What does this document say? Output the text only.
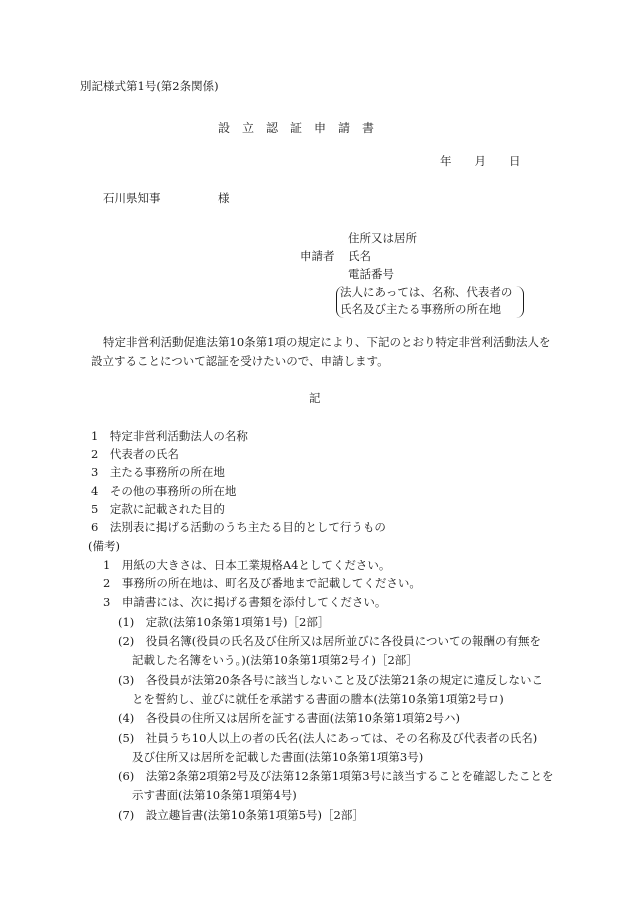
別記様式第1号(第2条関係)
設　立　認　証　申　請　書
年　　月　　日
石川県知事　　　　　様
住所又は居所
申請者 氏名
電話番号
法人にあっては、名称、代表者の
氏名及び主たる事務所の所在地
特定非営利活動促進法第10条第1項の規定により、下記のとおり特定非営利活動法人を
設立することについて認証を受けたいので、申請します。
記
1　特定非営利活動法人の名称
2　代表者の氏名
3　主たる事務所の所在地
4　その他の事務所の所在地
5　定款に記載された目的
6　法別表に掲げる活動のうち主たる目的として行うもの
(備考)
1　用紙の大きさは、日本工業規格A4としてください。
2　事務所の所在地は、町名及び番地まで記載してください。
3　申請書には、次に掲げる書類を添付してください。
(1)　定款(法第10条第1項第1号)［2部］
(2)　役員名簿(役員の氏名及び住所又は居所並びに各役員についての報酬の有無を
記載した名簿をいう。)(法第10条第1項第2号イ)［2部］
(3)　各役員が法第20条各号に該当しないこと及び法第21条の規定に違反しないこ
とを誓約し、並びに就任を承諾する書面の謄本(法第10条第1項第2号ロ)
(4)　各役員の住所又は居所を証する書面(法第10条第1項第2号ハ)
(5)　社員うち10人以上の者の氏名(法人にあっては、その名称及び代表者の氏名)
及び住所又は居所を記載した書面(法第10条第1項第3号)
(6)　法第2条第2項第2号及び法第12条第1項第3号に該当することを確認したことを
示す書面(法第10条第1項第4号)
(7)　設立趣旨書(法第10条第1項第5号)［2部］
